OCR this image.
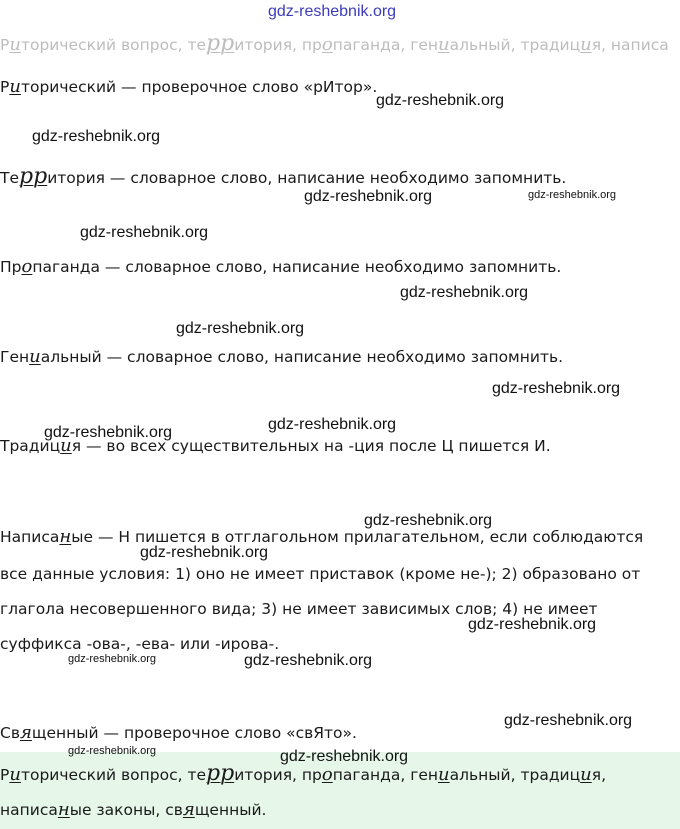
gdz-reshebnik.org
Риторический вопрос, территория, пропаганда, гениальный, традиция, написа
Риторический — проверочное слово «рИтор».
Территория — словарное слово, написание необходимо запомнить.
Пропаганда — словарное слово, написание необходимо запомнить.
Гениальный — словарное слово, написание необходимо запомнить.
Традиция — во всех существительных на -ция после Ц пишется И.
Написаные — Н пишется в отглагольном прилагательном, если соблюдаются
все данные условия: 1) оно не имеет приставок (кроме не-); 2) образовано от
глагола несовершенного вида; 3) не имеет зависимых слов; 4) не имеет
суффикса -ова-, -ева- или -ирова-.
Священный — проверочное слово «свЯто».
Риторический вопрос, территория, пропаганда, гениальный, традиция,
написаные законы, священный.
gdz-reshebnik.org
gdz-reshebnik.org
gdz-reshebnik.org	gdz-reshebnik.org
gdz-reshebnik.org
gdz-reshebnik.org
gdz-reshebnik.org
gdz-reshebnik.org
gdz-reshebnik.org
gdz-reshebnik.org
gdz-reshebnik.org
gdz-reshebnik.org
gdz-reshebnik.org
gdz-reshebnik.org	gdz-reshebnik.org
gdz-reshebnik.org
gdz-reshebnik.org	gdz-reshebnik.org
